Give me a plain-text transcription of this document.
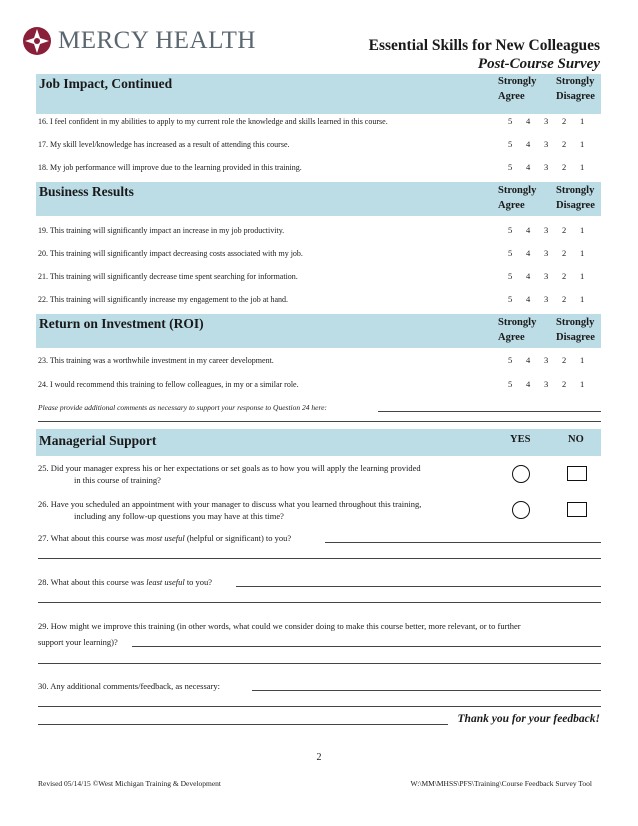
MERCY HEALTH	Essential Skills for New Colleagues
Post-Course Survey
Job Impact, Continued	Strongly
Agree
Strongly
Disagree
16. I feel confident in my abilities to apply to my current role the knowledge and skills learned in this course.	5	4	3	2	1
17. My skill level/knowledge has increased as a result of attending this course.	5	4	3	2	1
18. My job performance will improve due to the learning provided in this training.	5	4	3	2	1
Business Results	Strongly
Agree
Strongly
Disagree
19. This training will significantly impact an increase in my job productivity.	5	4	3	2	1
20. This training will significantly impact decreasing costs associated with my job.	5	4	3	2	1
21. This training will significantly decrease time spent searching for information.	5	4	3	2	1
22. This training will significantly increase my engagement to the job at hand.	5	4	3	2	1
Return on Investment (ROI)	Strongly
Agree
Strongly
Disagree
23. This training was a worthwhile investment in my career development.	5	4	3	2	1
24. I would recommend this training to fellow colleagues, in my or a similar role.	5	4	3	2	1
Please provide additional comments as necessary to support your response to Question 24 here:
Managerial Support	YES	NO
25. Did your manager express his or her expectations or set goals as to how you will apply the learning provided
in this course of training?
26. Have you scheduled an appointment with your manager to discuss what you learned throughout this training,
including any follow-up questions you may have at this time?
27. What about this course was most useful (helpful or significant) to you?
28. What about this course was least useful to you?
29. How might we improve this training (in other words, what could we consider doing to make this course better, more relevant, or to further
support your learning)?
30. Any additional comments/feedback, as necessary:
Thank you for your feedback!
2
Revised 05/14/15 ©West Michigan Training & Development	W:\MM\MHSS\PFS\Training\Course Feedback Survey Tool
